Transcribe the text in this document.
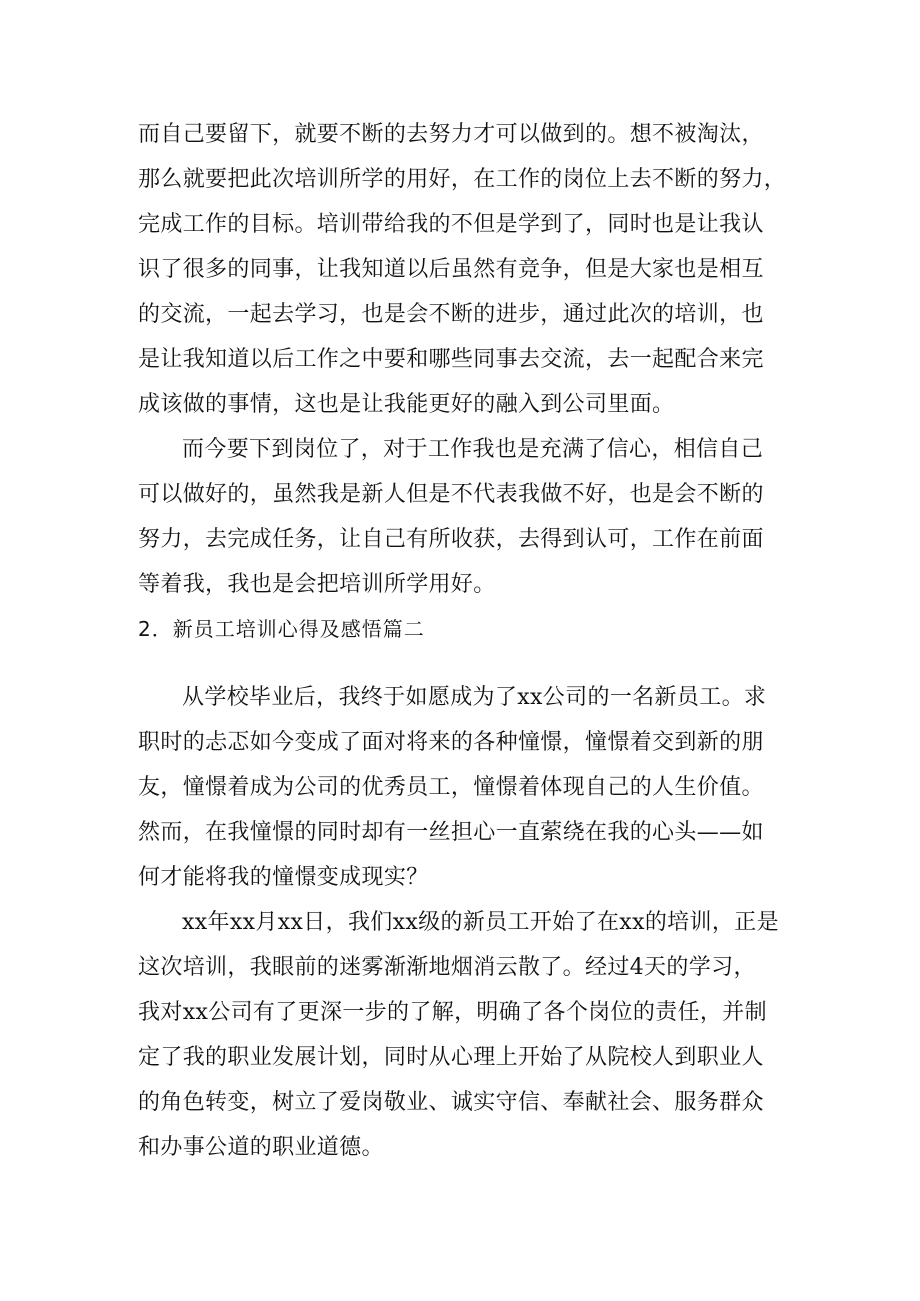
而自己要留下，就要不断的去努力才可以做到的。想不被淘汰，
那么就要把此次培训所学的用好，在工作的岗位上去不断的努力，
完成工作的目标。培训带给我的不但是学到了，同时也是让我认
识了很多的同事，让我知道以后虽然有竞争，但是大家也是相互
的交流，一起去学习，也是会不断的进步，通过此次的培训，也
是让我知道以后工作之中要和哪些同事去交流，去一起配合来完
成该做的事情，这也是让我能更好的融入到公司里面。
而今要下到岗位了，对于工作我也是充满了信心，相信自己
可以做好的，虽然我是新人但是不代表我做不好，也是会不断的
努力，去完成任务，让自己有所收获，去得到认可，工作在前面
等着我，我也是会把培训所学用好。
2．新员工培训心得及感悟篇二
从学校毕业后，我终于如愿成为了xx公司的一名新员工。求
职时的忐忑如今变成了面对将来的各种憧憬，憧憬着交到新的朋
友，憧憬着成为公司的优秀员工，憧憬着体现自己的人生价值。
然而，在我憧憬的同时却有一丝担心一直萦绕在我的心头——如
何才能将我的憧憬变成现实？
xx年xx月xx日，我们xx级的新员工开始了在xx的培训，正是
这次培训，我眼前的迷雾渐渐地烟消云散了。经过4天的学习，
我对xx公司有了更深一步的了解，明确了各个岗位的责任，并制
定了我的职业发展计划，同时从心理上开始了从院校人到职业人
的角色转变，树立了爱岗敬业、诚实守信、奉献社会、服务群众
和办事公道的职业道德。
